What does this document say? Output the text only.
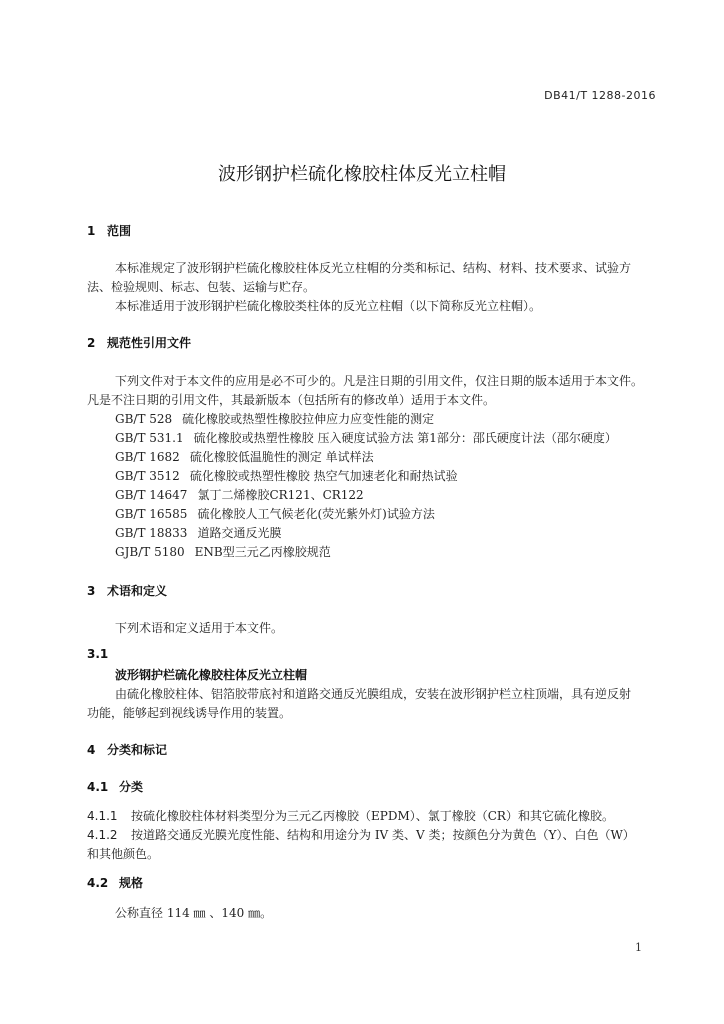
DB41/T 1288-2016
波形钢护栏硫化橡胶柱体反光立柱帽
1 范围
本标准规定了波形钢护栏硫化橡胶柱体反光立柱帽的分类和标记、结构、材料、技术要求、试验方
法、检验规则、标志、包装、运输与贮存。
本标准适用于波形钢护栏硫化橡胶类柱体的反光立柱帽（以下简称反光立柱帽）。
2 规范性引用文件
下列文件对于本文件的应用是必不可少的。凡是注日期的引用文件，仅注日期的版本适用于本文件。
凡是不注日期的引用文件，其最新版本（包括所有的修改单）适用于本文件。
GB/T 528 硫化橡胶或热塑性橡胶拉伸应力应变性能的测定
GB/T 531.1 硫化橡胶或热塑性橡胶 压入硬度试验方法 第1部分：邵氏硬度计法（邵尔硬度）
GB/T 1682 硫化橡胶低温脆性的测定 单试样法
GB/T 3512 硫化橡胶或热塑性橡胶 热空气加速老化和耐热试验
GB/T 14647 氯丁二烯橡胶CR121、CR122
GB/T 16585 硫化橡胶人工气候老化(荧光紫外灯)试验方法
GB/T 18833 道路交通反光膜
GJB/T 5180 ENB型三元乙丙橡胶规范
3 术语和定义
下列术语和定义适用于本文件。
3.1
波形钢护栏硫化橡胶柱体反光立柱帽
由硫化橡胶柱体、铝箔胶带底衬和道路交通反光膜组成，安装在波形钢护栏立柱顶端，具有逆反射
功能，能够起到视线诱导作用的装置。
4 分类和标记
4.1 分类
4.1.1 按硫化橡胶柱体材料类型分为三元乙丙橡胶（EPDM）、氯丁橡胶（CR）和其它硫化橡胶。
4.1.2 按道路交通反光膜光度性能、结构和用途分为 IV 类、V 类；按颜色分为黄色（Y）、白色（W）
和其他颜色。
4.2 规格
公称直径 114 ㎜ 、140 ㎜。
1
